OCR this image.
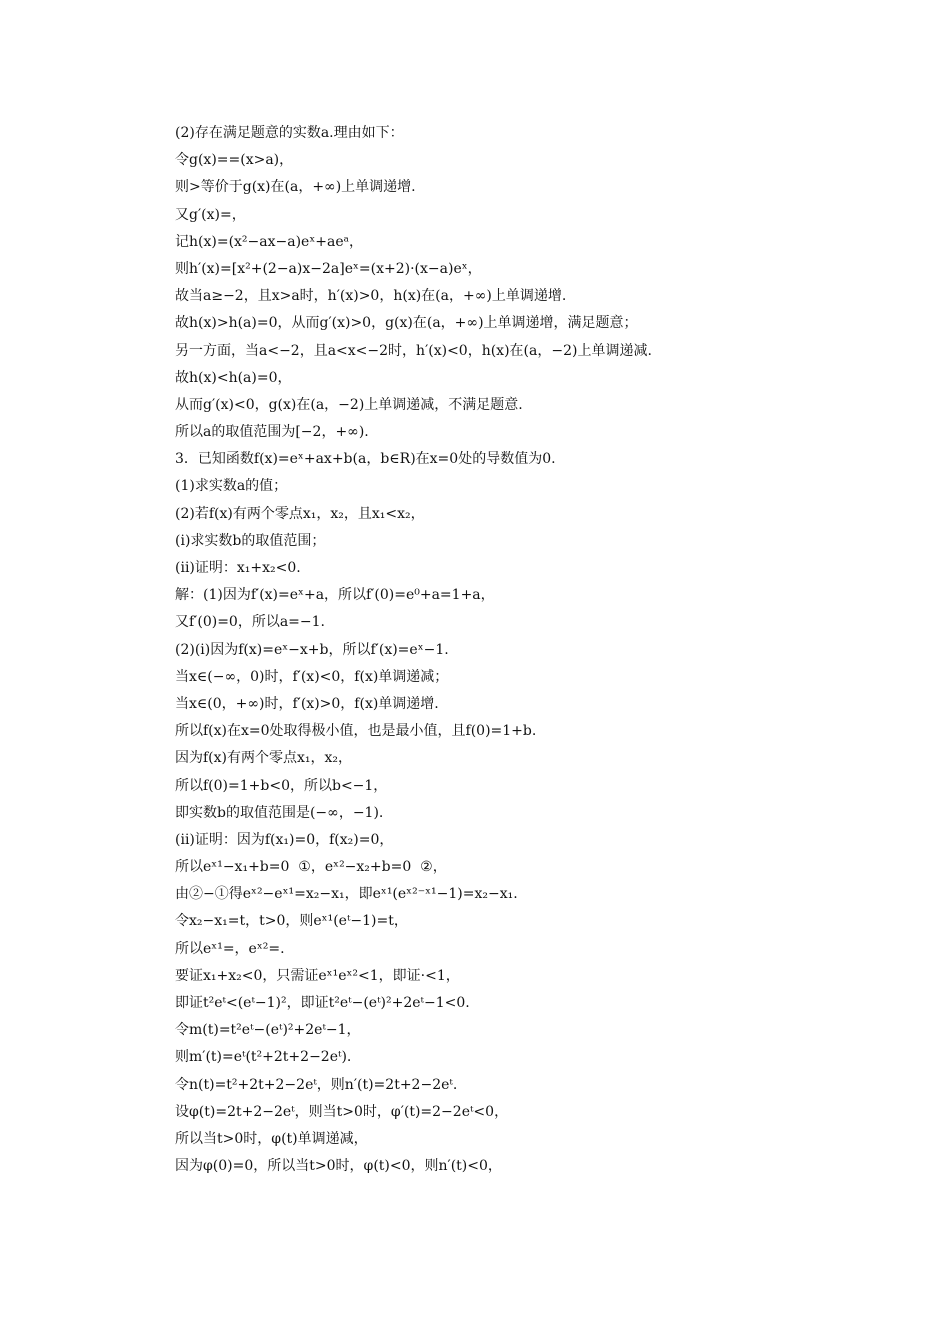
(2)存在满足题意的实数a.理由如下：
令g(x)==(x>a)，
则>等价于g(x)在(a，+∞)上单调递增.
又g′(x)=，
记h(x)=(x²−ax−a)eˣ+aeᵃ，
则h′(x)=[x²+(2−a)x−2a]eˣ=(x+2)·(x−a)eˣ，
故当a≥−2，且x>a时，h′(x)>0，h(x)在(a，+∞)上单调递增.
故h(x)>h(a)=0，从而g′(x)>0，g(x)在(a，+∞)上单调递增，满足题意；
另一方面，当a<−2，且a<x<−2时，h′(x)<0，h(x)在(a，−2)上单调递减.
故h(x)<h(a)=0，
从而g′(x)<0，g(x)在(a，−2)上单调递减，不满足题意.
所以a的取值范围为[−2，+∞).
3．已知函数f(x)=eˣ+ax+b(a，b∈R)在x=0处的导数值为0.
(1)求实数a的值；
(2)若f(x)有两个零点x₁，x₂，且x₁<x₂，
(ⅰ)求实数b的取值范围；
(ⅱ)证明：x₁+x₂<0.
解：(1)因为f′(x)=eˣ+a，所以f′(0)=e⁰+a=1+a，
又f′(0)=0，所以a=−1.
(2)(ⅰ)因为f(x)=eˣ−x+b，所以f′(x)=eˣ−1.
当x∈(−∞，0)时，f′(x)<0，f(x)单调递减；
当x∈(0，+∞)时，f′(x)>0，f(x)单调递增.
所以f(x)在x=0处取得极小值，也是最小值，且f(0)=1+b.
因为f(x)有两个零点x₁，x₂，
所以f(0)=1+b<0，所以b<−1，
即实数b的取值范围是(−∞，−1).
(ⅱ)证明：因为f(x₁)=0，f(x₂)=0，
所以eˣ¹−x₁+b=0  ①，eˣ²−x₂+b=0  ②，
由②−①得eˣ²−eˣ¹=x₂−x₁，即eˣ¹(eˣ²⁻ˣ¹−1)=x₂−x₁.
令x₂−x₁=t，t>0，则eˣ¹(eᵗ−1)=t，
所以eˣ¹=，eˣ²=.
要证x₁+x₂<0，只需证eˣ¹eˣ²<1，即证·<1，
即证t²eᵗ<(eᵗ−1)²，即证t²eᵗ−(eᵗ)²+2eᵗ−1<0.
令m(t)=t²eᵗ−(eᵗ)²+2eᵗ−1，
则m′(t)=eᵗ(t²+2t+2−2eᵗ).
令n(t)=t²+2t+2−2eᵗ，则n′(t)=2t+2−2eᵗ.
设φ(t)=2t+2−2eᵗ，则当t>0时，φ′(t)=2−2eᵗ<0，
所以当t>0时，φ(t)单调递减，
因为φ(0)=0，所以当t>0时，φ(t)<0，则n′(t)<0，
